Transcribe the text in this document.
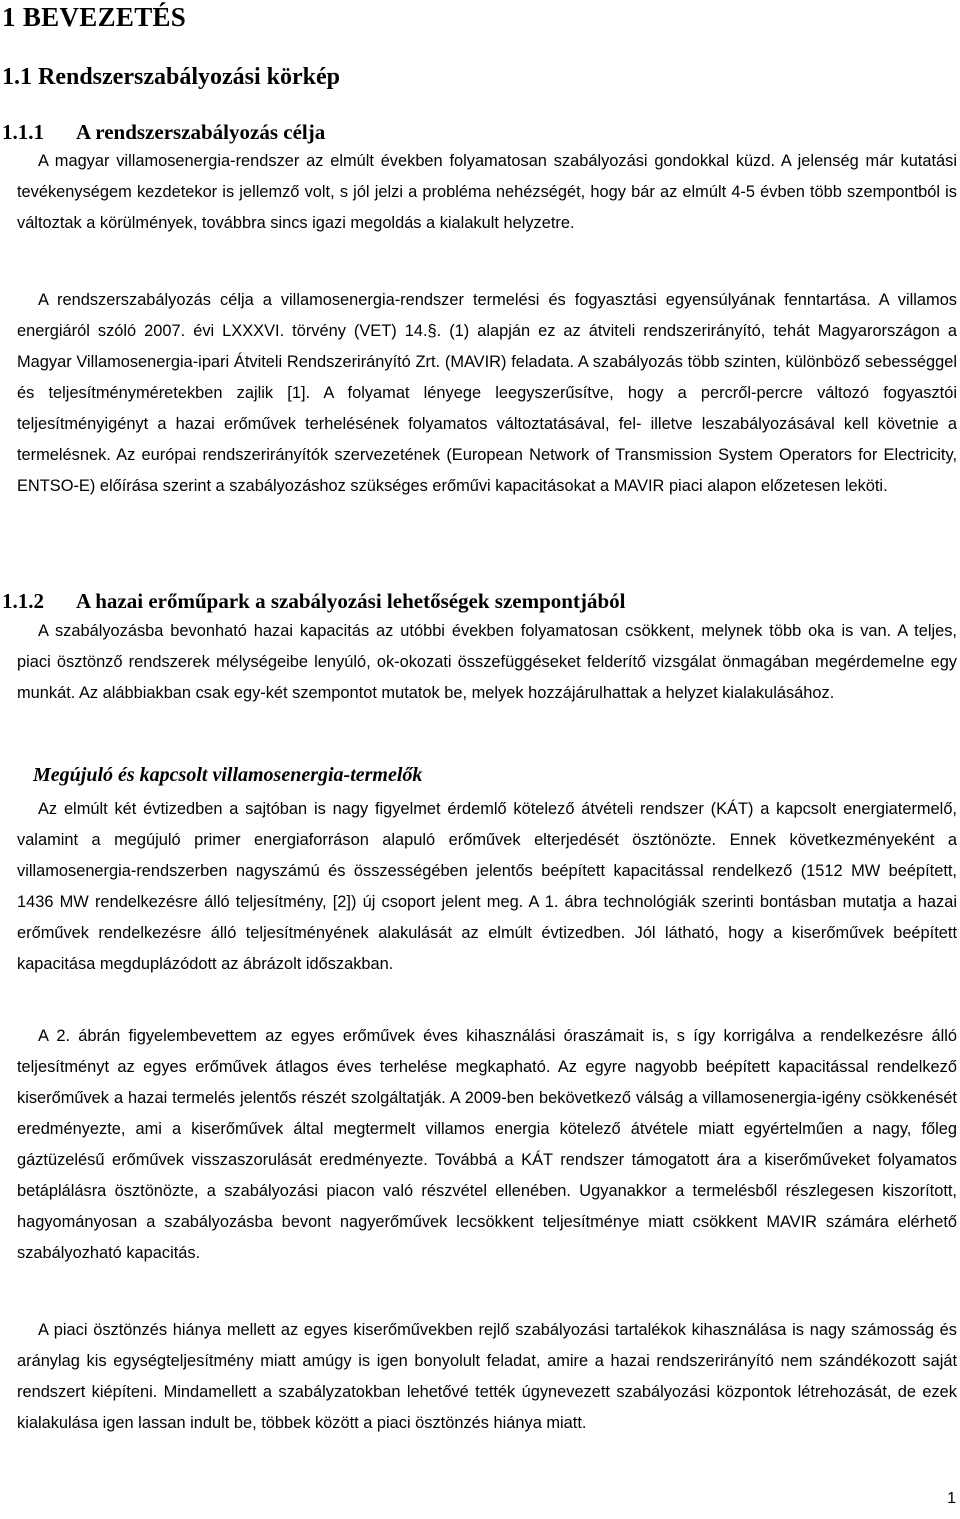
1 BEVEZETÉS
1.1 Rendszerszabályozási körkép
1.1.1 A rendszerszabályozás célja

A magyar villamosenergia-rendszer az elmúlt években folyamatosan szabályozási gondokkal küzd. A jelenség már kutatási tevékenységem kezdetekor is jellemző volt, s jól jelzi a probléma nehézségét, hogy bár az elmúlt 4-5 évben több szempontból is változtak a körülmények, továbbra sincs igazi megoldás a kialakult helyzetre.

A rendszerszabályozás célja a villamosenergia-rendszer termelési és fogyasztási egyensúlyának fenntartása. A villamos energiáról szóló 2007. évi LXXXVI. törvény (VET) 14.§. (1) alapján ez az átviteli rendszerirányító, tehát Magyarországon a Magyar Villamosenergia-ipari Átviteli Rendszerirányító Zrt. (MAVIR) feladata. A szabályozás több szinten, különböző sebességgel és teljesítményméretekben zajlik [1]. A folyamat lényege leegyszerűsítve, hogy a percről-percre változó fogyasztói teljesítményigényt a hazai erőművek terhelésének folyamatos változtatásával, fel- illetve leszabályozásával kell követnie a termelésnek. Az európai rendszerirányítók szervezetének (European Network of Transmission System Operators for Electricity, ENTSO-E) előírása szerint a szabályozáshoz szükséges erőművi kapacitásokat a MAVIR piaci alapon előzetesen leköti.

1.1.2 A hazai erőműpark a szabályozási lehetőségek szempontjából

A szabályozásba bevonható hazai kapacitás az utóbbi években folyamatosan csökkent, melynek több oka is van. A teljes, piaci ösztönző rendszerek mélységeibe lenyúló, ok-okozati összefüggéseket felderítő vizsgálat önmagában megérdemelne egy munkát. Az alábbiakban csak egy-két szempontot mutatok be, melyek hozzájárulhattak a helyzet kialakulásához.

Megújuló és kapcsolt villamosenergia-termelők

Az elmúlt két évtizedben a sajtóban is nagy figyelmet érdemlő kötelező átvételi rendszer (KÁT) a kapcsolt energiatermelő, valamint a megújuló primer energiaforráson alapuló erőművek elterjedését ösztönözte. Ennek következményeként a villamosenergia-rendszerben nagyszámú és összességében jelentős beépített kapacitással rendelkező (1512 MW beépített, 1436 MW rendelkezésre álló teljesítmény, [2]) új csoport jelent meg. A 1. ábra technológiák szerinti bontásban mutatja a hazai erőművek rendelkezésre álló teljesítményének alakulását az elmúlt évtizedben. Jól látható, hogy a kiserőművek beépített kapacitása megduplázódott az ábrázolt időszakban.

A 2. ábrán figyelembevettem az egyes erőművek éves kihasználási óraszámait is, s így korrigálva a rendelkezésre álló teljesítményt az egyes erőművek átlagos éves terhelése megkapható. Az egyre nagyobb beépített kapacitással rendelkező kiserőművek a hazai termelés jelentős részét szolgáltatják. A 2009-ben bekövetkező válság a villamosenergia-igény csökkenését eredményezte, ami a kiserőművek által megtermelt villamos energia kötelező átvétele miatt egyértelműen a nagy, főleg gáztüzelésű erőművek visszaszorulását eredményezte. Továbbá a KÁT rendszer támogatott ára a kiserőműveket folyamatos betáplálásra ösztönözte, a szabályozási piacon való részvétel ellenében. Ugyanakkor a termelésből részlegesen kiszorított, hagyományosan a szabályozásba bevont nagyerőművek lecsökkent teljesítménye miatt csökkent MAVIR számára elérhető szabályozható kapacitás.

A piaci ösztönzés hiánya mellett az egyes kiserőművekben rejlő szabályozási tartalékok kihasználása is nagy számosság és aránylag kis egységteljesítmény miatt amúgy is igen bonyolult feladat, amire a hazai rendszerirányító nem szándékozott saját rendszert kiépíteni. Mindamellett a szabályzatokban lehetővé tették úgynevezett szabályozási központok létrehozását, de ezek kialakulása igen lassan indult be, többek között a piaci ösztönzés hiánya miatt.

1
